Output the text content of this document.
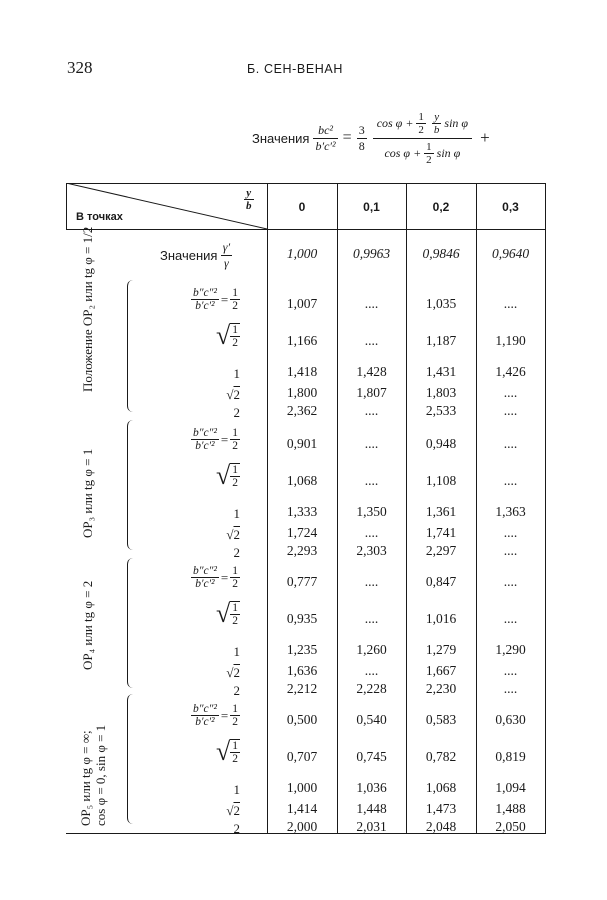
328	Б. СЕН-ВЕНАН
Значения
$\frac{\text{bc²}}{\text{b′c′²}} = \frac{3}{8}$ $\cos \varphi + \frac{1}{2} \frac{y}{b}$ sin φ
$\cos \varphi + \frac{1}{2}$ sin φ
+
В точках
$\frac{y}{b}$	0	0,1	0,2	0,3
Значения
$\frac{\gamma'}{\gamma}$	1,000	0,9963	0,9846	0,9640
Положение OP₂ или tg φ = 1/2
OP₃ или tg φ = 1
OP₄ или tg φ = 2
OP₅ или tg φ = ∞; cos φ = 0, sin φ = 1
$\frac{\text{b″c″²}}{\text{b′c′²}} = \frac{1}{2}$	1,007	....	1,035	....
√ $\frac{1}{2}$	1,166	....	1,187	1,190
1	1,418	1,428	1,431	1,426
√2	1,800	1,807	1,803	....
2	2,362	....	2,533	....
$\frac{\text{b″c″²}}{\text{b′c′²}} = \frac{1}{2}$	0,901	....	0,948	....
√ $\frac{1}{2}$	1,068	....	1,108	....
1	1,333	1,350	1,361	1,363
√2	1,724	....	1,741	....
2	2,293	2,303	2,297	....
$\frac{\text{b″c″²}}{\text{b′c′²}} = \frac{1}{2}$	0,777	....	0,847	....
√ $\frac{1}{2}$	0,935	....	1,016	....
1	1,235	1,260	1,279	1,290
√2	1,636	....	1,667	....
2	2,212	2,228	2,230	....
$\frac{\text{b″c″²}}{\text{b′c′²}} = \frac{1}{2}$	0,500	0,540	0,583	0,630
√ $\frac{1}{2}$	0,707	0,745	0,782	0,819
1	1,000	1,036	1,068	1,094
√2	1,414	1,448	1,473	1,488
2	2,000	2,031	2,048	2,050
